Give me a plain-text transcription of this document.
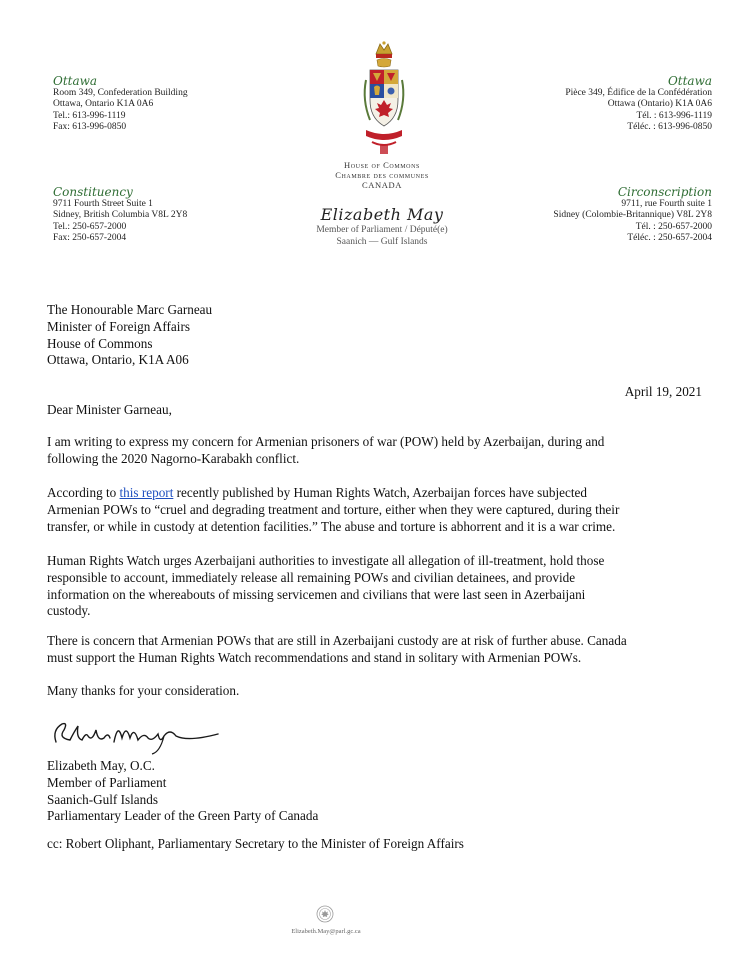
Ottawa
Room 349, Confederation Building
Ottawa, Ontario K1A 0A6
Tel.: 613-996-1119
Fax: 613-996-0850
Ottawa
Pièce 349, Édifice de la Confédération
Ottawa (Ontario) K1A 0A6
Tél. : 613-996-1119
Téléc. : 613-996-0850
House of Commons
Chambre des communes
CANADA
Constituency
9711 Fourth Street Suite 1
Sidney, British Columbia V8L 2Y8
Tel.: 250-657-2000
Fax: 250-657-2004
Elizabeth May
Member of Parliament / Député(e)
Saanich — Gulf Islands
Circonscription
9711, rue Fourth suite 1
Sidney (Colombie-Britannique) V8L 2Y8
Tél. : 250-657-2000
Téléc. : 250-657-2004
The Honourable Marc Garneau
Minister of Foreign Affairs
House of Commons
Ottawa, Ontario, K1A A06
April 19, 2021
Dear Minister Garneau,
I am writing to express my concern for Armenian prisoners of war (POW) held by Azerbaijan, during and
following the 2020 Nagorno-Karabakh conflict.
According to this report recently published by Human Rights Watch, Azerbaijan forces have subjected
Armenian POWs to “cruel and degrading treatment and torture, either when they were captured, during their
transfer, or while in custody at detention facilities.” The abuse and torture is abhorrent and it is a war crime.
Human Rights Watch urges Azerbaijani authorities to investigate all allegation of ill-treatment, hold those
responsible to account, immediately release all remaining POWs and civilian detainees, and provide
information on the whereabouts of missing servicemen and civilians that were last seen in Azerbaijani
custody.
There is concern that Armenian POWs that are still in Azerbaijani custody are at risk of further abuse. Canada
must support the Human Rights Watch recommendations and stand in solitary with Armenian POWs.
Many thanks for your consideration.
Elizabeth May, O.C.
Member of Parliament
Saanich-Gulf Islands
Parliamentary Leader of the Green Party of Canada
cc: Robert Oliphant, Parliamentary Secretary to the Minister of Foreign Affairs
Elizabeth.May@parl.gc.ca
